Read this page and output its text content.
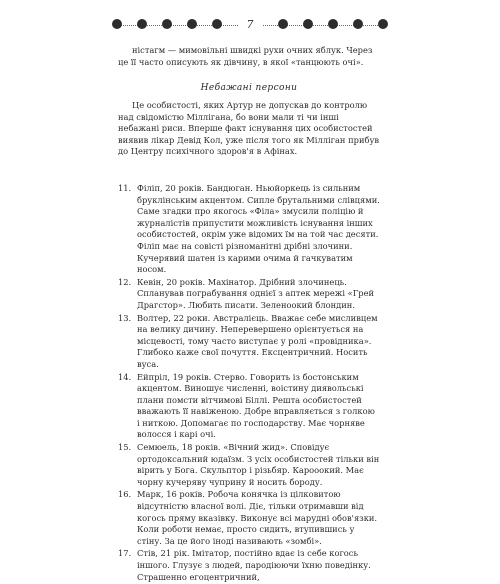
7
ністагм — мимовільні швидкі рухи очних яблук. Через це її часто описують як дівчину, в якої «танцюють очі».
Небажані персони
Це особистості, яких Артур не допускав до контролю над свідомістю Міллігана, бо вони мали ті чи інші небажані риси. Вперше факт існування цих особистостей виявив лікар Девід Кол, уже після того як Мілліган прибув до Центру психічного здоров'я в Афінах.
11. Філіп, 20 років. Бандюган. Ньюйоркець із сильним бруклінським акцентом. Сипле брутальними слівцями. Саме згадки про якогось «Філа» змусили поліцію й журналістів припустити можливість існування інших особистостей, окрім уже відомих їм на той час десяти. Філіп має на совісті різноманітні дрібні злочини. Кучерявий шатен із карими очима й гачкуватим носом.
12. Кевін, 20 років. Махінатор. Дрібний злочинець. Спланував пограбування однієї з аптек мережі «Грей Драгстор». Любить писати. Зеленоокий блондин.
13. Волтер, 22 роки. Австралієць. Вважає себе мисливцем на велику дичину. Неперевершено орієнтується на місцевості, тому часто виступає у ролі «провідника». Глибоко каже свої почуття. Ексцентричний. Носить вуса.
14. Ейпріл, 19 років. Стерво. Говорить із бостонським акцентом. Виношує численні, воістину диявольські плани помсти вітчимові Біллі. Решта особистостей вважають її навіженою. Добре вправляється з голкою і ниткою. Допомагає по господарству. Має чорняве волосся і карі очі.
15. Семюель, 18 років. «Вічний жид». Сповідує ортодоксальний юдаїзм. З усіх особистостей тільки він вірить у Бога. Скульптор і різьбяр. Карооокий. Має чорну кучеряву чуприну й носить бороду.
16. Марк, 16 років. Робоча конячка із цілковитою відсутністю власної волі. Діє, тільки отримавши від когось пряму вказівку. Виконує всі марудні обов'язки. Коли роботи немає, просто сидить, втупившись у стіну. За це його іноді називають «зомбі».
17. Стів, 21 рік. Імітатор, постійно вдає із себе когось іншого. Глузує з людей, пародіюючи їхню поведінку. Страшенно егоцентричний,
